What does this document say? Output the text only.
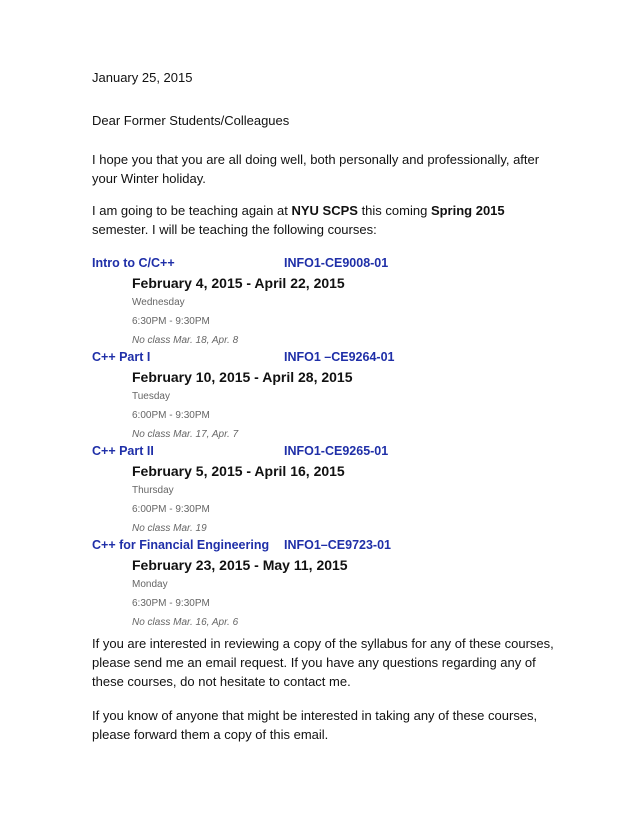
January 25, 2015

Dear Former Students/Colleagues

I hope you that you are all doing well, both personally and professionally, after your Winter holiday.

I am going to be teaching again at NYU SCPS this coming Spring 2015 semester. I will be teaching the following courses:

Intro to C/C++	INFO1-CE9008-01
February 4, 2015 - April 22, 2015
Wednesday
6:30PM - 9:30PM
No class Mar. 18, Apr. 8
C++ Part I	INFO1 –CE9264-01
February 10, 2015 - April 28, 2015
Tuesday
6:00PM - 9:30PM
No class Mar. 17, Apr. 7
C++ Part II	INFO1-CE9265-01
February 5, 2015 - April 16, 2015
Thursday
6:00PM - 9:30PM
No class Mar. 19
C++ for Financial Engineering	INFO1–CE9723-01
February 23, 2015 - May 11, 2015
Monday
6:30PM - 9:30PM
No class Mar. 16, Apr. 6

If you are interested in reviewing a copy of the syllabus for any of these courses, please send me an email request. If you have any questions regarding any of these courses, do not hesitate to contact me.

If you know of anyone that might be interested in taking any of these courses, please forward them a copy of this email.
